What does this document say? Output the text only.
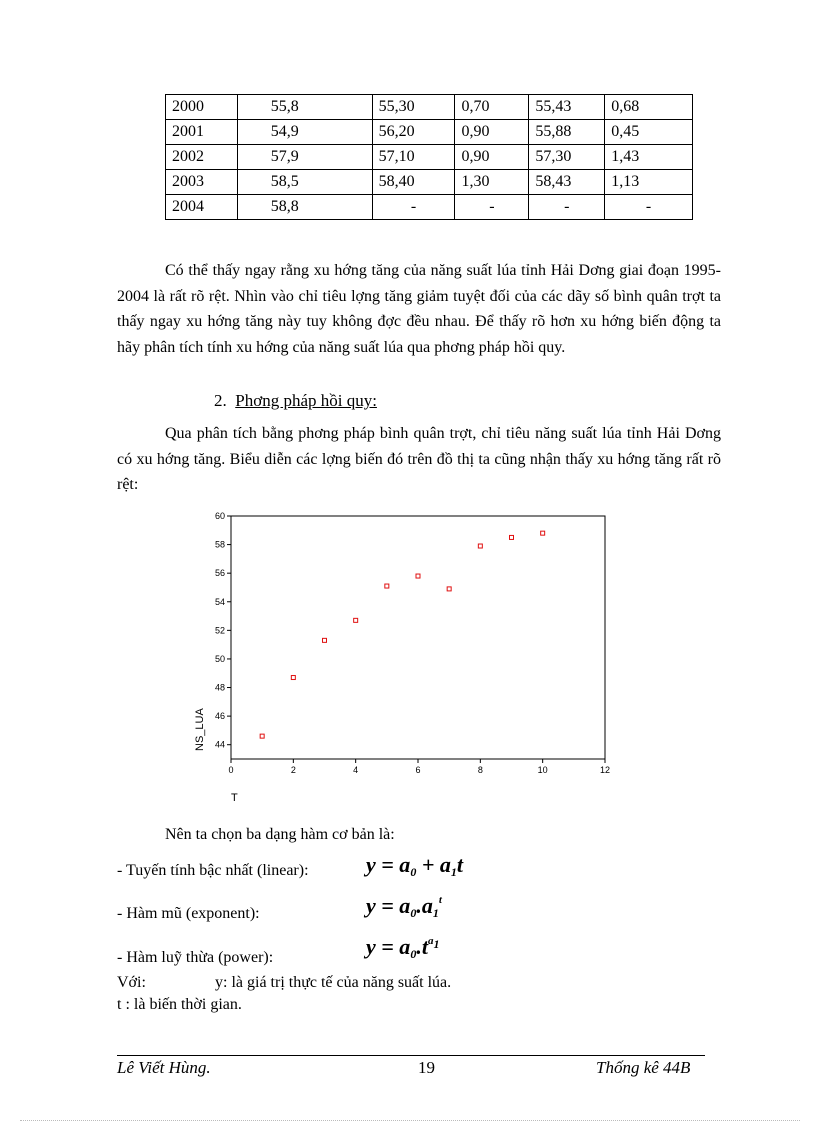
2000	55,8	55,30	0,70	55,43	0,68
2001	54,9	56,20	0,90	55,88	0,45
2002	57,9	57,10	0,90	57,30	1,43
2003	58,5	58,40	1,30	58,43	1,13
2004	58,8	-	-	-	-

Có thể thấy ngay rằng xu hớng tăng của năng suất lúa tỉnh Hải Dơng giai đoạn 1995-2004 là rất rõ rệt. Nhìn vào chỉ tiêu lợng tăng giảm tuyệt đối của các dãy số bình quân trợt ta thấy ngay xu hớng tăng này tuy không đợc đều nhau. Để thấy rõ hơn xu hớng biến động ta hãy phân tích tính xu hớng của năng suất lúa qua phơng pháp hồi quy.

2. Phơng pháp hồi quy:

Qua phân tích bằng phơng pháp bình quân trợt, chỉ tiêu năng suất lúa tỉnh Hải Dơng có xu hớng tăng. Biểu diễn các lợng biến đó trên đồ thị ta cũng nhận thấy xu hớng tăng rất rõ rệt:

44
46
48
50
52
54
56
58
60
0	2	4	6	8	10	12
NS_LUA
T

Nên ta chọn ba dạng hàm cơ bản là:

- Tuyến tính bậc nhất (linear):	$y = a_0 + a_1t$

- Hàm mũ (exponent):	$y = a_0.a_1^t$

- Hàm luỹ thừa (power):	$y = a_0.t^{a_1}$

Với:	y: là giá trị thực tế của năng suất lúa.

t : là biến thời gian.

Lê Viết Hùng.	19	Thống kê 44B
